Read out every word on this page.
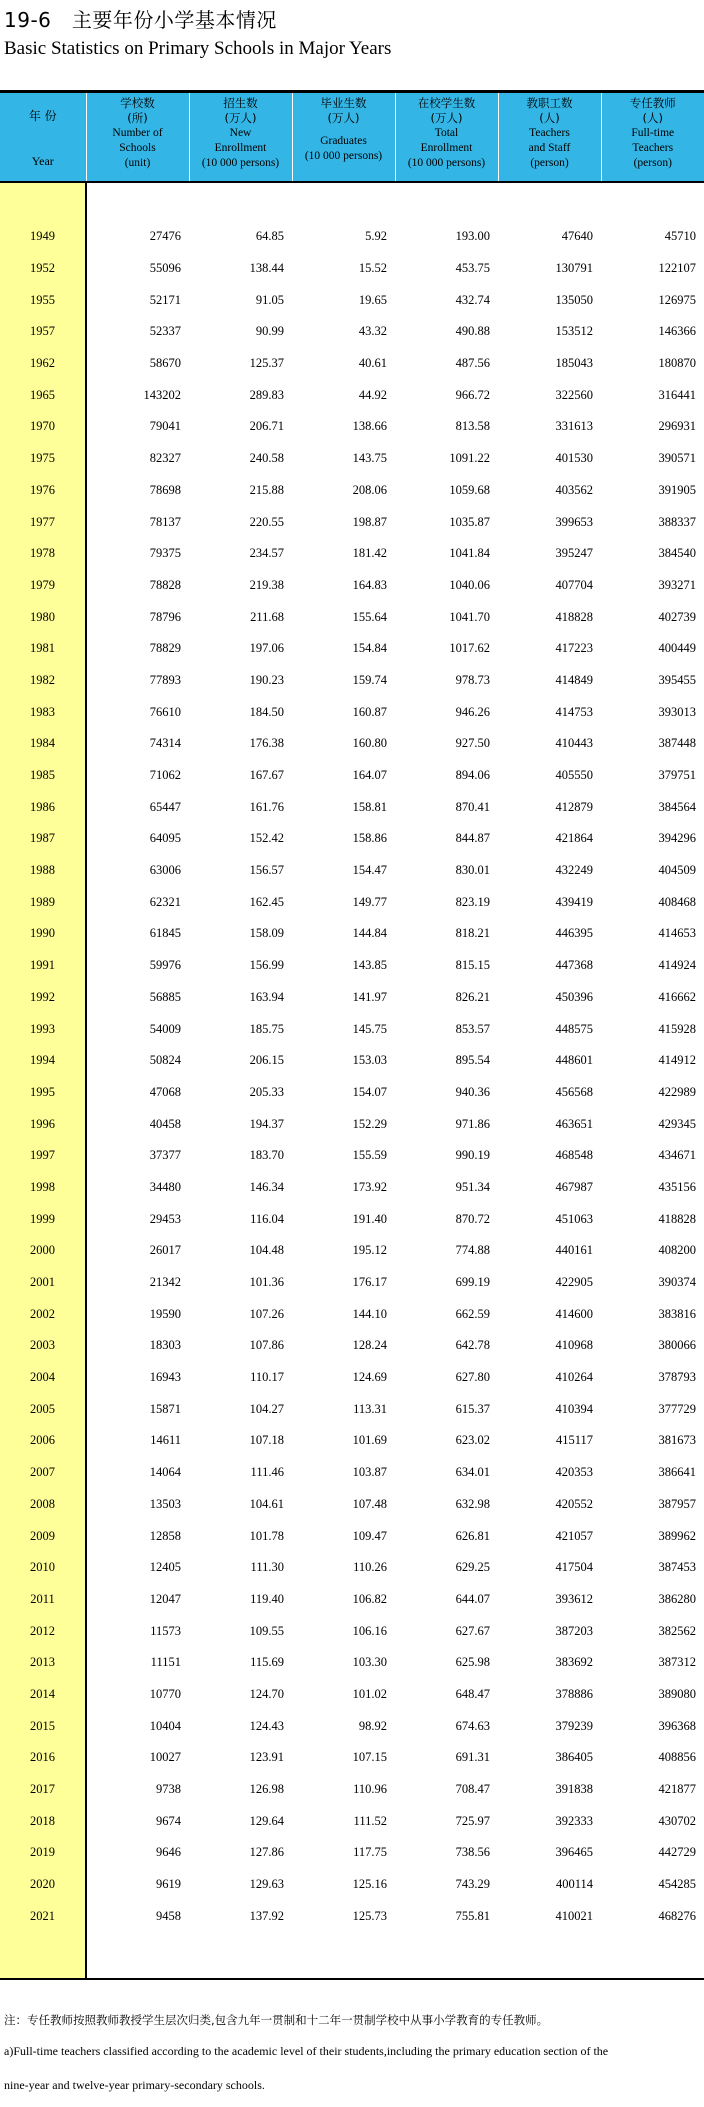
19-6　主要年份小学基本情况
Basic Statistics on Primary Schools in Major Years
年 份
Year	学校数
(所)
Number of
Schools
(unit)	招生数
(万人)
New
Enrollment
(10 000 persons)	毕业生数
(万人)
Graduates
(10 000 persons)	在校学生数
(万人)
Total
Enrollment
(10 000 persons)	教职工数
(人)
Teachers
and Staff
(person)	专任教师
(人)
Full-time
Teachers
(person)

1949	27476	64.85	5.92	193.00	47640	45710
1952	55096	138.44	15.52	453.75	130791	122107
1955	52171	91.05	19.65	432.74	135050	126975
1957	52337	90.99	43.32	490.88	153512	146366
1962	58670	125.37	40.61	487.56	185043	180870
1965	143202	289.83	44.92	966.72	322560	316441
1970	79041	206.71	138.66	813.58	331613	296931
1975	82327	240.58	143.75	1091.22	401530	390571
1976	78698	215.88	208.06	1059.68	403562	391905
1977	78137	220.55	198.87	1035.87	399653	388337
1978	79375	234.57	181.42	1041.84	395247	384540
1979	78828	219.38	164.83	1040.06	407704	393271
1980	78796	211.68	155.64	1041.70	418828	402739
1981	78829	197.06	154.84	1017.62	417223	400449
1982	77893	190.23	159.74	978.73	414849	395455
1983	76610	184.50	160.87	946.26	414753	393013
1984	74314	176.38	160.80	927.50	410443	387448
1985	71062	167.67	164.07	894.06	405550	379751
1986	65447	161.76	158.81	870.41	412879	384564
1987	64095	152.42	158.86	844.87	421864	394296
1988	63006	156.57	154.47	830.01	432249	404509
1989	62321	162.45	149.77	823.19	439419	408468
1990	61845	158.09	144.84	818.21	446395	414653
1991	59976	156.99	143.85	815.15	447368	414924
1992	56885	163.94	141.97	826.21	450396	416662
1993	54009	185.75	145.75	853.57	448575	415928
1994	50824	206.15	153.03	895.54	448601	414912
1995	47068	205.33	154.07	940.36	456568	422989
1996	40458	194.37	152.29	971.86	463651	429345
1997	37377	183.70	155.59	990.19	468548	434671
1998	34480	146.34	173.92	951.34	467987	435156
1999	29453	116.04	191.40	870.72	451063	418828
2000	26017	104.48	195.12	774.88	440161	408200
2001	21342	101.36	176.17	699.19	422905	390374
2002	19590	107.26	144.10	662.59	414600	383816
2003	18303	107.86	128.24	642.78	410968	380066
2004	16943	110.17	124.69	627.80	410264	378793
2005	15871	104.27	113.31	615.37	410394	377729
2006	14611	107.18	101.69	623.02	415117	381673
2007	14064	111.46	103.87	634.01	420353	386641
2008	13503	104.61	107.48	632.98	420552	387957
2009	12858	101.78	109.47	626.81	421057	389962
2010	12405	111.30	110.26	629.25	417504	387453
2011	12047	119.40	106.82	644.07	393612	386280
2012	11573	109.55	106.16	627.67	387203	382562
2013	11151	115.69	103.30	625.98	383692	387312
2014	10770	124.70	101.02	648.47	378886	389080
2015	10404	124.43	98.92	674.63	379239	396368
2016	10027	123.91	107.15	691.31	386405	408856
2017	9738	126.98	110.96	708.47	391838	421877
2018	9674	129.64	111.52	725.97	392333	430702
2019	9646	127.86	117.75	738.56	396465	442729
2020	9619	129.63	125.16	743.29	400114	454285
2021	9458	137.92	125.73	755.81	410021	468276

注：专任教师按照教师教授学生层次归类,包含九年一贯制和十二年一贯制学校中从事小学教育的专任教师。
a)Full-time teachers classified according to the academic level of their students,including the primary education section of the
nine-year and twelve-year primary-secondary schools.
